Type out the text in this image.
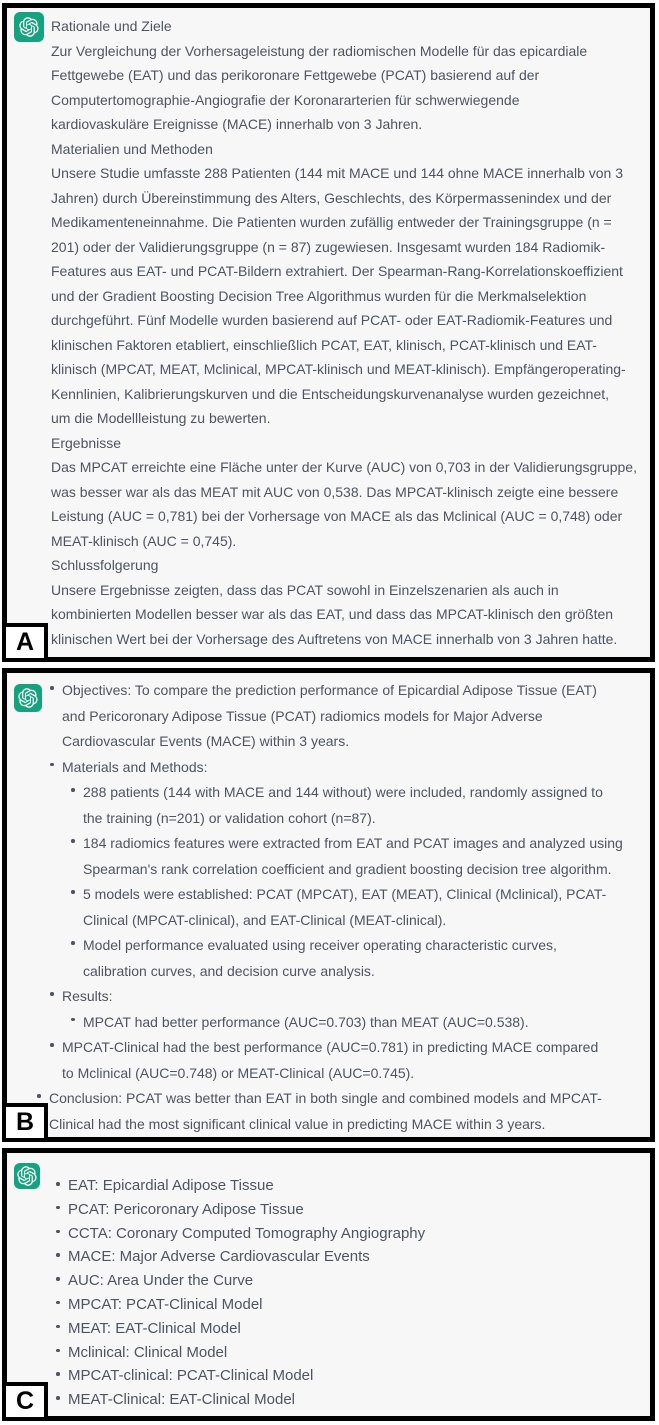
Rationale und Ziele
Zur Vergleichung der Vorhersageleistung der radiomischen Modelle für das epicardiale
Fettgewebe (EAT) und das perikoronare Fettgewebe (PCAT) basierend auf der
Computertomographie-Angiografie der Koronararterien für schwerwiegende
kardiovaskuläre Ereignisse (MACE) innerhalb von 3 Jahren.
Materialien und Methoden
Unsere Studie umfasste 288 Patienten (144 mit MACE und 144 ohne MACE innerhalb von 3
Jahren) durch Übereinstimmung des Alters, Geschlechts, des Körpermassenindex und der
Medikamenteneinnahme. Die Patienten wurden zufällig entweder der Trainingsgruppe (n =
201) oder der Validierungsgruppe (n = 87) zugewiesen. Insgesamt wurden 184 Radiomik-
Features aus EAT- und PCAT-Bildern extrahiert. Der Spearman-Rang-Korrelationskoeffizient
und der Gradient Boosting Decision Tree Algorithmus wurden für die Merkmalselektion
durchgeführt. Fünf Modelle wurden basierend auf PCAT- oder EAT-Radiomik-Features und
klinischen Faktoren etabliert, einschließlich PCAT, EAT, klinisch, PCAT-klinisch und EAT-
klinisch (MPCAT, MEAT, Mclinical, MPCAT-klinisch und MEAT-klinisch). Empfängeroperating-
Kennlinien, Kalibrierungskurven und die Entscheidungskurvenanalyse wurden gezeichnet,
um die Modellleistung zu bewerten.
Ergebnisse
Das MPCAT erreichte eine Fläche unter der Kurve (AUC) von 0,703 in der Validierungsgruppe,
was besser war als das MEAT mit AUC von 0,538. Das MPCAT-klinisch zeigte eine bessere
Leistung (AUC = 0,781) bei der Vorhersage von MACE als das Mclinical (AUC = 0,748) oder
MEAT-klinisch (AUC = 0,745).
Schlussfolgerung
Unsere Ergebnisse zeigten, dass das PCAT sowohl in Einzelszenarien als auch in
kombinierten Modellen besser war als das EAT, und dass das MPCAT-klinisch den größten
klinischen Wert bei der Vorhersage des Auftretens von MACE innerhalb von 3 Jahren hatte.
A
Objectives: To compare the prediction performance of Epicardial Adipose Tissue (EAT)
and Pericoronary Adipose Tissue (PCAT) radiomics models for Major Adverse
Cardiovascular Events (MACE) within 3 years.
Materials and Methods:
288 patients (144 with MACE and 144 without) were included, randomly assigned to
the training (n=201) or validation cohort (n=87).
184 radiomics features were extracted from EAT and PCAT images and analyzed using
Spearman's rank correlation coefficient and gradient boosting decision tree algorithm.
5 models were established: PCAT (MPCAT), EAT (MEAT), Clinical (Mclinical), PCAT-
Clinical (MPCAT-clinical), and EAT-Clinical (MEAT-clinical).
Model performance evaluated using receiver operating characteristic curves,
calibration curves, and decision curve analysis.
Results:
MPCAT had better performance (AUC=0.703) than MEAT (AUC=0.538).
MPCAT-Clinical had the best performance (AUC=0.781) in predicting MACE compared
to Mclinical (AUC=0.748) or MEAT-Clinical (AUC=0.745).
Conclusion: PCAT was better than EAT in both single and combined models and MPCAT-
Clinical had the most significant clinical value in predicting MACE within 3 years.
B
EAT: Epicardial Adipose Tissue
PCAT: Pericoronary Adipose Tissue
CCTA: Coronary Computed Tomography Angiography
MACE: Major Adverse Cardiovascular Events
AUC: Area Under the Curve
MPCAT: PCAT-Clinical Model
MEAT: EAT-Clinical Model
Mclinical: Clinical Model
MPCAT-clinical: PCAT-Clinical Model
MEAT-Clinical: EAT-Clinical Model
C
